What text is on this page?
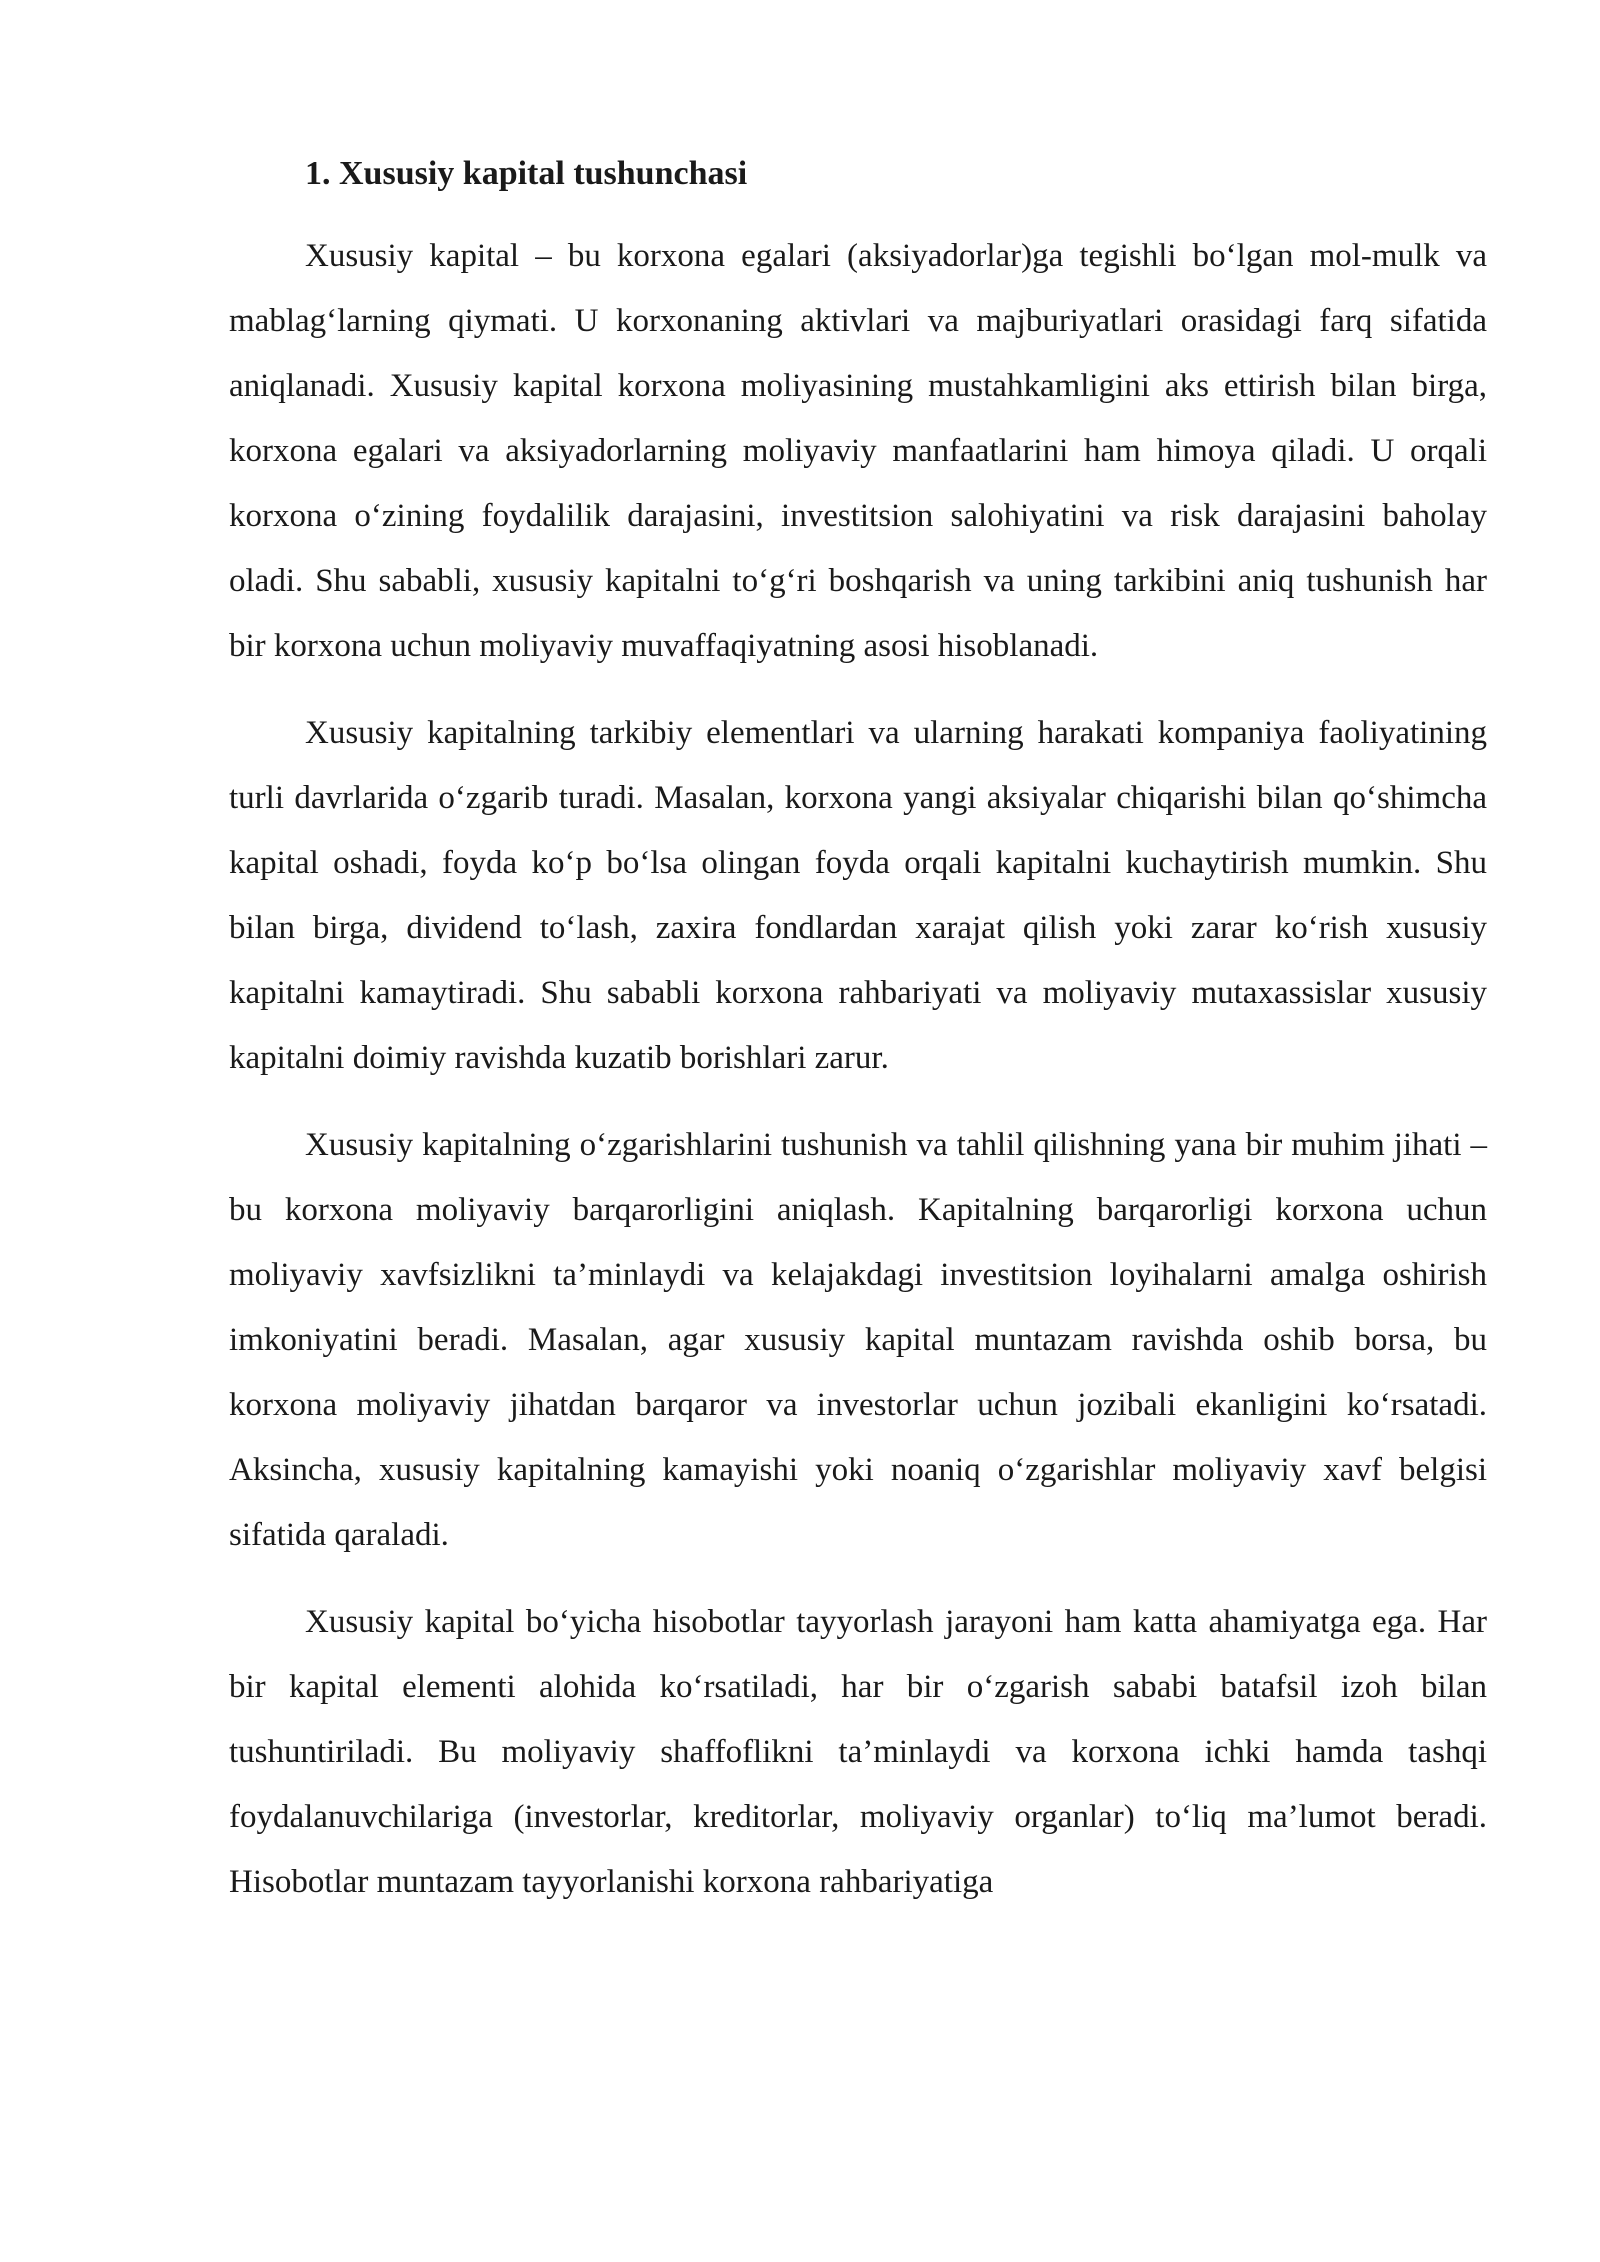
1. Xususiy kapital tushunchasi

Xususiy kapital – bu korxona egalari (aksiyadorlar)ga tegishli bo‘lgan mol-mulk va mablag‘larning qiymati. U korxonaning aktivlari va majburiyatlari orasidagi farq sifatida aniqlanadi. Xususiy kapital korxona moliyasining mustahkamligini aks ettirish bilan birga, korxona egalari va aksiyadorlarning moliyaviy manfaatlarini ham himoya qiladi. U orqali korxona o‘zining foydalilik darajasini, investitsion salohiyatini va risk darajasini baholay oladi. Shu sababli, xususiy kapitalni to‘g‘ri boshqarish va uning tarkibini aniq tushunish har bir korxona uchun moliyaviy muvaffaqiyatning asosi hisoblanadi.

Xususiy kapitalning tarkibiy elementlari va ularning harakati kompaniya faoliyatining turli davrlarida o‘zgarib turadi. Masalan, korxona yangi aksiyalar chiqarishi bilan qo‘shimcha kapital oshadi, foyda ko‘p bo‘lsa olingan foyda orqali kapitalni kuchaytirish mumkin. Shu bilan birga, dividend to‘lash, zaxira fondlardan xarajat qilish yoki zarar ko‘rish xususiy kapitalni kamaytiradi. Shu sababli korxona rahbariyati va moliyaviy mutaxassislar xususiy kapitalni doimiy ravishda kuzatib borishlari zarur.

Xususiy kapitalning o‘zgarishlarini tushunish va tahlil qilishning yana bir muhim jihati – bu korxona moliyaviy barqarorligini aniqlash. Kapitalning barqarorligi korxona uchun moliyaviy xavfsizlikni ta’minlaydi va kelajakdagi investitsion loyihalarni amalga oshirish imkoniyatini beradi. Masalan, agar xususiy kapital muntazam ravishda oshib borsa, bu korxona moliyaviy jihatdan barqaror va investorlar uchun jozibali ekanligini ko‘rsatadi. Aksincha, xususiy kapitalning kamayishi yoki noaniq o‘zgarishlar moliyaviy xavf belgisi sifatida qaraladi.

Xususiy kapital bo‘yicha hisobotlar tayyorlash jarayoni ham katta ahamiyatga ega. Har bir kapital elementi alohida ko‘rsatiladi, har bir o‘zgarish sababi batafsil izoh bilan tushuntiriladi. Bu moliyaviy shaffoflikni ta’minlaydi va korxona ichki hamda tashqi foydalanuvchilariga (investorlar, kreditorlar, moliyaviy organlar) to‘liq ma’lumot beradi. Hisobotlar muntazam tayyorlanishi korxona rahbariyatiga
